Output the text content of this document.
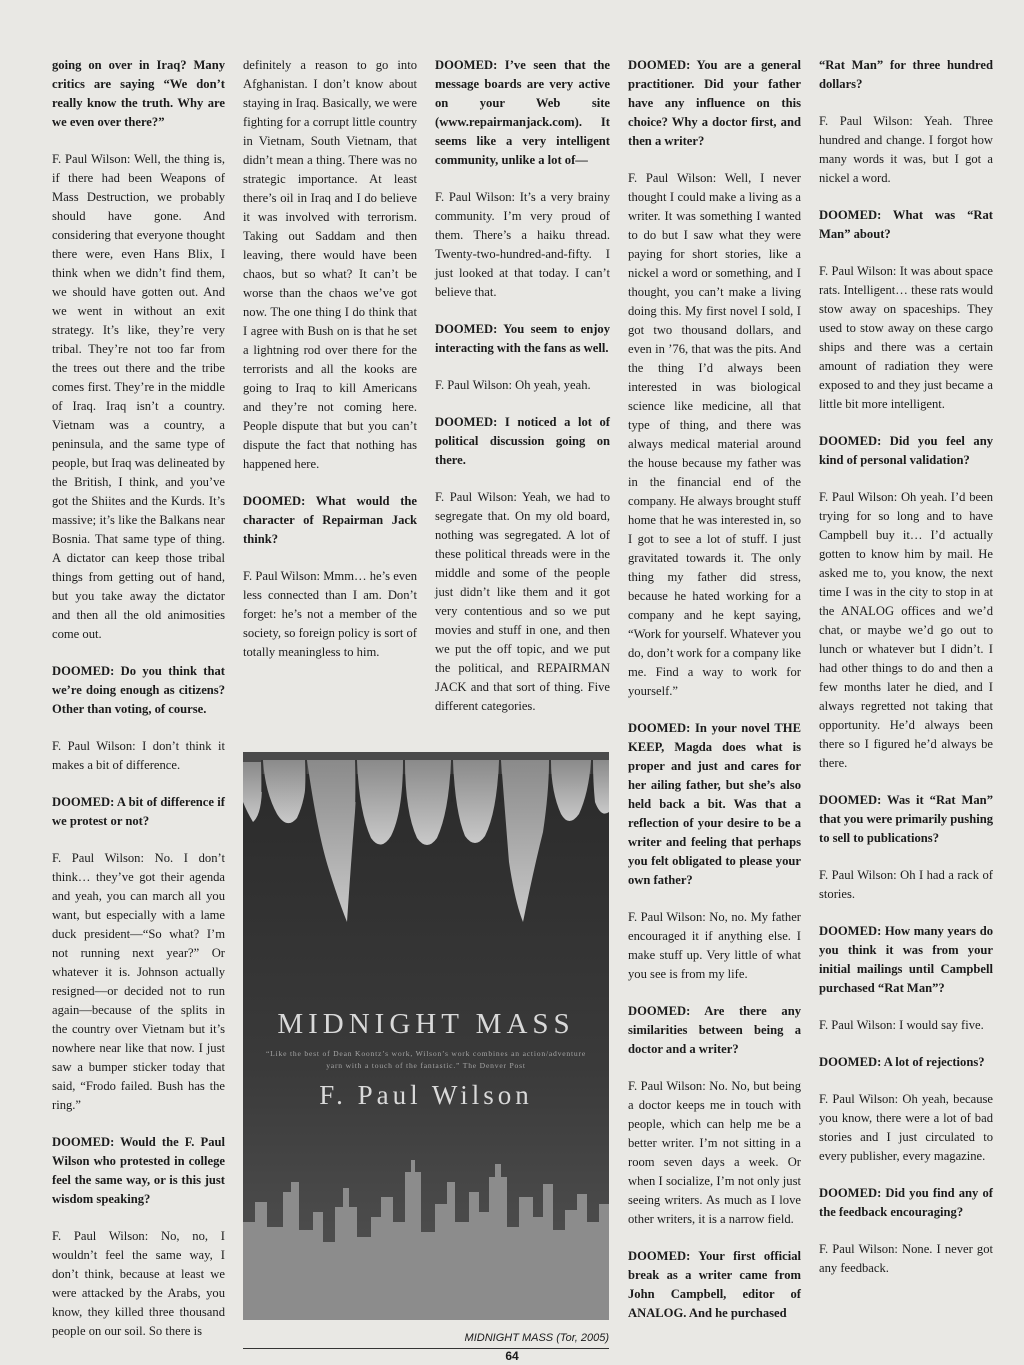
going on over in Iraq? Many critics are saying “We don’t really know the truth. Why are we even over there?”

F. Paul Wilson: Well, the thing is, if there had been Weapons of Mass Destruction, we probably should have gone. And considering that everyone thought there were, even Hans Blix, I think when we didn’t find them, we should have gotten out. And we went in without an exit strategy. It’s like, they’re very tribal. They’re not too far from the trees out there and the tribe comes first. They’re in the middle of Iraq. Iraq isn’t a country. Vietnam was a country, a peninsula, and the same type of people, but Iraq was delineated by the British, I think, and you’ve got the Shiites and the Kurds. It’s massive; it’s like the Balkans near Bosnia. That same type of thing. A dictator can keep those tribal things from getting out of hand, but you take away the dictator and then all the old animosities come out.

DOOMED: Do you think that we’re doing enough as citizens? Other than voting, of course.

F. Paul Wilson: I don’t think it makes a bit of difference.

DOOMED: A bit of difference if we protest or not?

F. Paul Wilson: No. I don’t think… they’ve got their agenda and yeah, you can march all you want, but especially with a lame duck president—“So what? I’m not running next year?” Or whatever it is. Johnson actually resigned—or decided not to run again—because of the splits in the country over Vietnam but it’s nowhere near like that now. I just saw a bumper sticker today that said, “Frodo failed. Bush has the ring.”

DOOMED: Would the F. Paul Wilson who protested in college feel the same way, or is this just wisdom speaking?

F. Paul Wilson: No, no, I wouldn’t feel the same way, I don’t think, because at least we were attacked by the Arabs, you know, they killed three thousand people on our soil. So there is

definitely a reason to go into Afghanistan. I don’t know about staying in Iraq. Basically, we were fighting for a corrupt little country in Vietnam, South Vietnam, that didn’t mean a thing. There was no strategic importance. At least there’s oil in Iraq and I do believe it was involved with terrorism. Taking out Saddam and then leaving, there would have been chaos, but so what? It can’t be worse than the chaos we’ve got now. The one thing I do think that I agree with Bush on is that he set a lightning rod over there for the terrorists and all the kooks are going to Iraq to kill Americans and they’re not coming here. People dispute that but you can’t dispute the fact that nothing has happened here.

DOOMED: What would the character of Repairman Jack think?

F. Paul Wilson: Mmm… he’s even less connected than I am. Don’t forget: he’s not a member of the society, so foreign policy is sort of totally meaningless to him.

DOOMED: I’ve seen that the message boards are very active on your Web site (www.repairmanjack.com). It seems like a very intelligent community, unlike a lot of—

F. Paul Wilson: It’s a very brainy community. I’m very proud of them. There’s a haiku thread. Twenty-two-hundred-and-fifty. I just looked at that today. I can’t believe that.

DOOMED: You seem to enjoy interacting with the fans as well.

F. Paul Wilson: Oh yeah, yeah.

DOOMED: I noticed a lot of political discussion going on there.

F. Paul Wilson: Yeah, we had to segregate that. On my old board, nothing was segregated. A lot of these political threads were in the middle and some of the people just didn’t like them and it got very contentious and so we put movies and stuff in one, and then we put the off topic, and we put the political, and REPAIRMAN JACK and that sort of thing. Five different categories.

DOOMED: You are a general practitioner. Did your father have any influence on this choice? Why a doctor first, and then a writer?

F. Paul Wilson: Well, I never thought I could make a living as a writer. It was something I wanted to do but I saw what they were paying for short stories, like a nickel a word or something, and I thought, you can’t make a living doing this. My first novel I sold, I got two thousand dollars, and even in ’76, that was the pits. And the thing I’d always been interested in was biological science like medicine, all that type of thing, and there was always medical material around the house because my father was in the financial end of the company. He always brought stuff home that he was interested in, so I got to see a lot of stuff. I just gravitated towards it. The only thing my father did stress, because he hated working for a company and he kept saying, “Work for yourself. Whatever you do, don’t work for a company like me. Find a way to work for yourself.”

DOOMED: In your novel THE KEEP, Magda does what is proper and just and cares for her ailing father, but she’s also held back a bit. Was that a reflection of your desire to be a writer and feeling that perhaps you felt obligated to please your own father?

F. Paul Wilson: No, no. My father encouraged it if anything else. I make stuff up. Very little of what you see is from my life.

DOOMED: Are there any similarities between being a doctor and a writer?

F. Paul Wilson: No. No, but being a doctor keeps me in touch with people, which can help me be a better writer. I’m not sitting in a room seven days a week. Or when I socialize, I’m not only just seeing writers. As much as I love other writers, it is a narrow field.

DOOMED: Your first official break as a writer came from John Campbell, editor of ANALOG. And he purchased

“Rat Man” for three hundred dollars?

F. Paul Wilson: Yeah. Three hundred and change. I forgot how many words it was, but I got a nickel a word.

DOOMED: What was “Rat Man” about?

F. Paul Wilson: It was about space rats. Intelligent… these rats would stow away on spaceships. They used to stow away on these cargo ships and there was a certain amount of radiation they were exposed to and they just became a little bit more intelligent.

DOOMED: Did you feel any kind of personal validation?

F. Paul Wilson: Oh yeah. I’d been trying for so long and to have Campbell buy it… I’d actually gotten to know him by mail. He asked me to, you know, the next time I was in the city to stop in at the ANALOG offices and we’d chat, or maybe we’d go out to lunch or whatever but I didn’t. I had other things to do and then a few months later he died, and I always regretted not taking that opportunity. He’d always been there so I figured he’d always be there.

DOOMED: Was it “Rat Man” that you were primarily pushing to sell to publications?

F. Paul Wilson: Oh I had a rack of stories.

DOOMED: How many years do you think it was from your initial mailings until Campbell purchased “Rat Man”?

F. Paul Wilson: I would say five.

DOOMED: A lot of rejections?

F. Paul Wilson: Oh yeah, because you know, there were a lot of bad stories and I just circulated to every publisher, every magazine.

DOOMED: Did you find any of the feedback encouraging?

F. Paul Wilson: None. I never got any feedback.

MIDNIGHT MASS

“Like the best of Dean Koontz’s work, Wilson’s work combines an action/adventure yarn with a touch of the fantastic.” The Denver Post

F. Paul Wilson

MIDNIGHT MASS (Tor, 2005)
64
